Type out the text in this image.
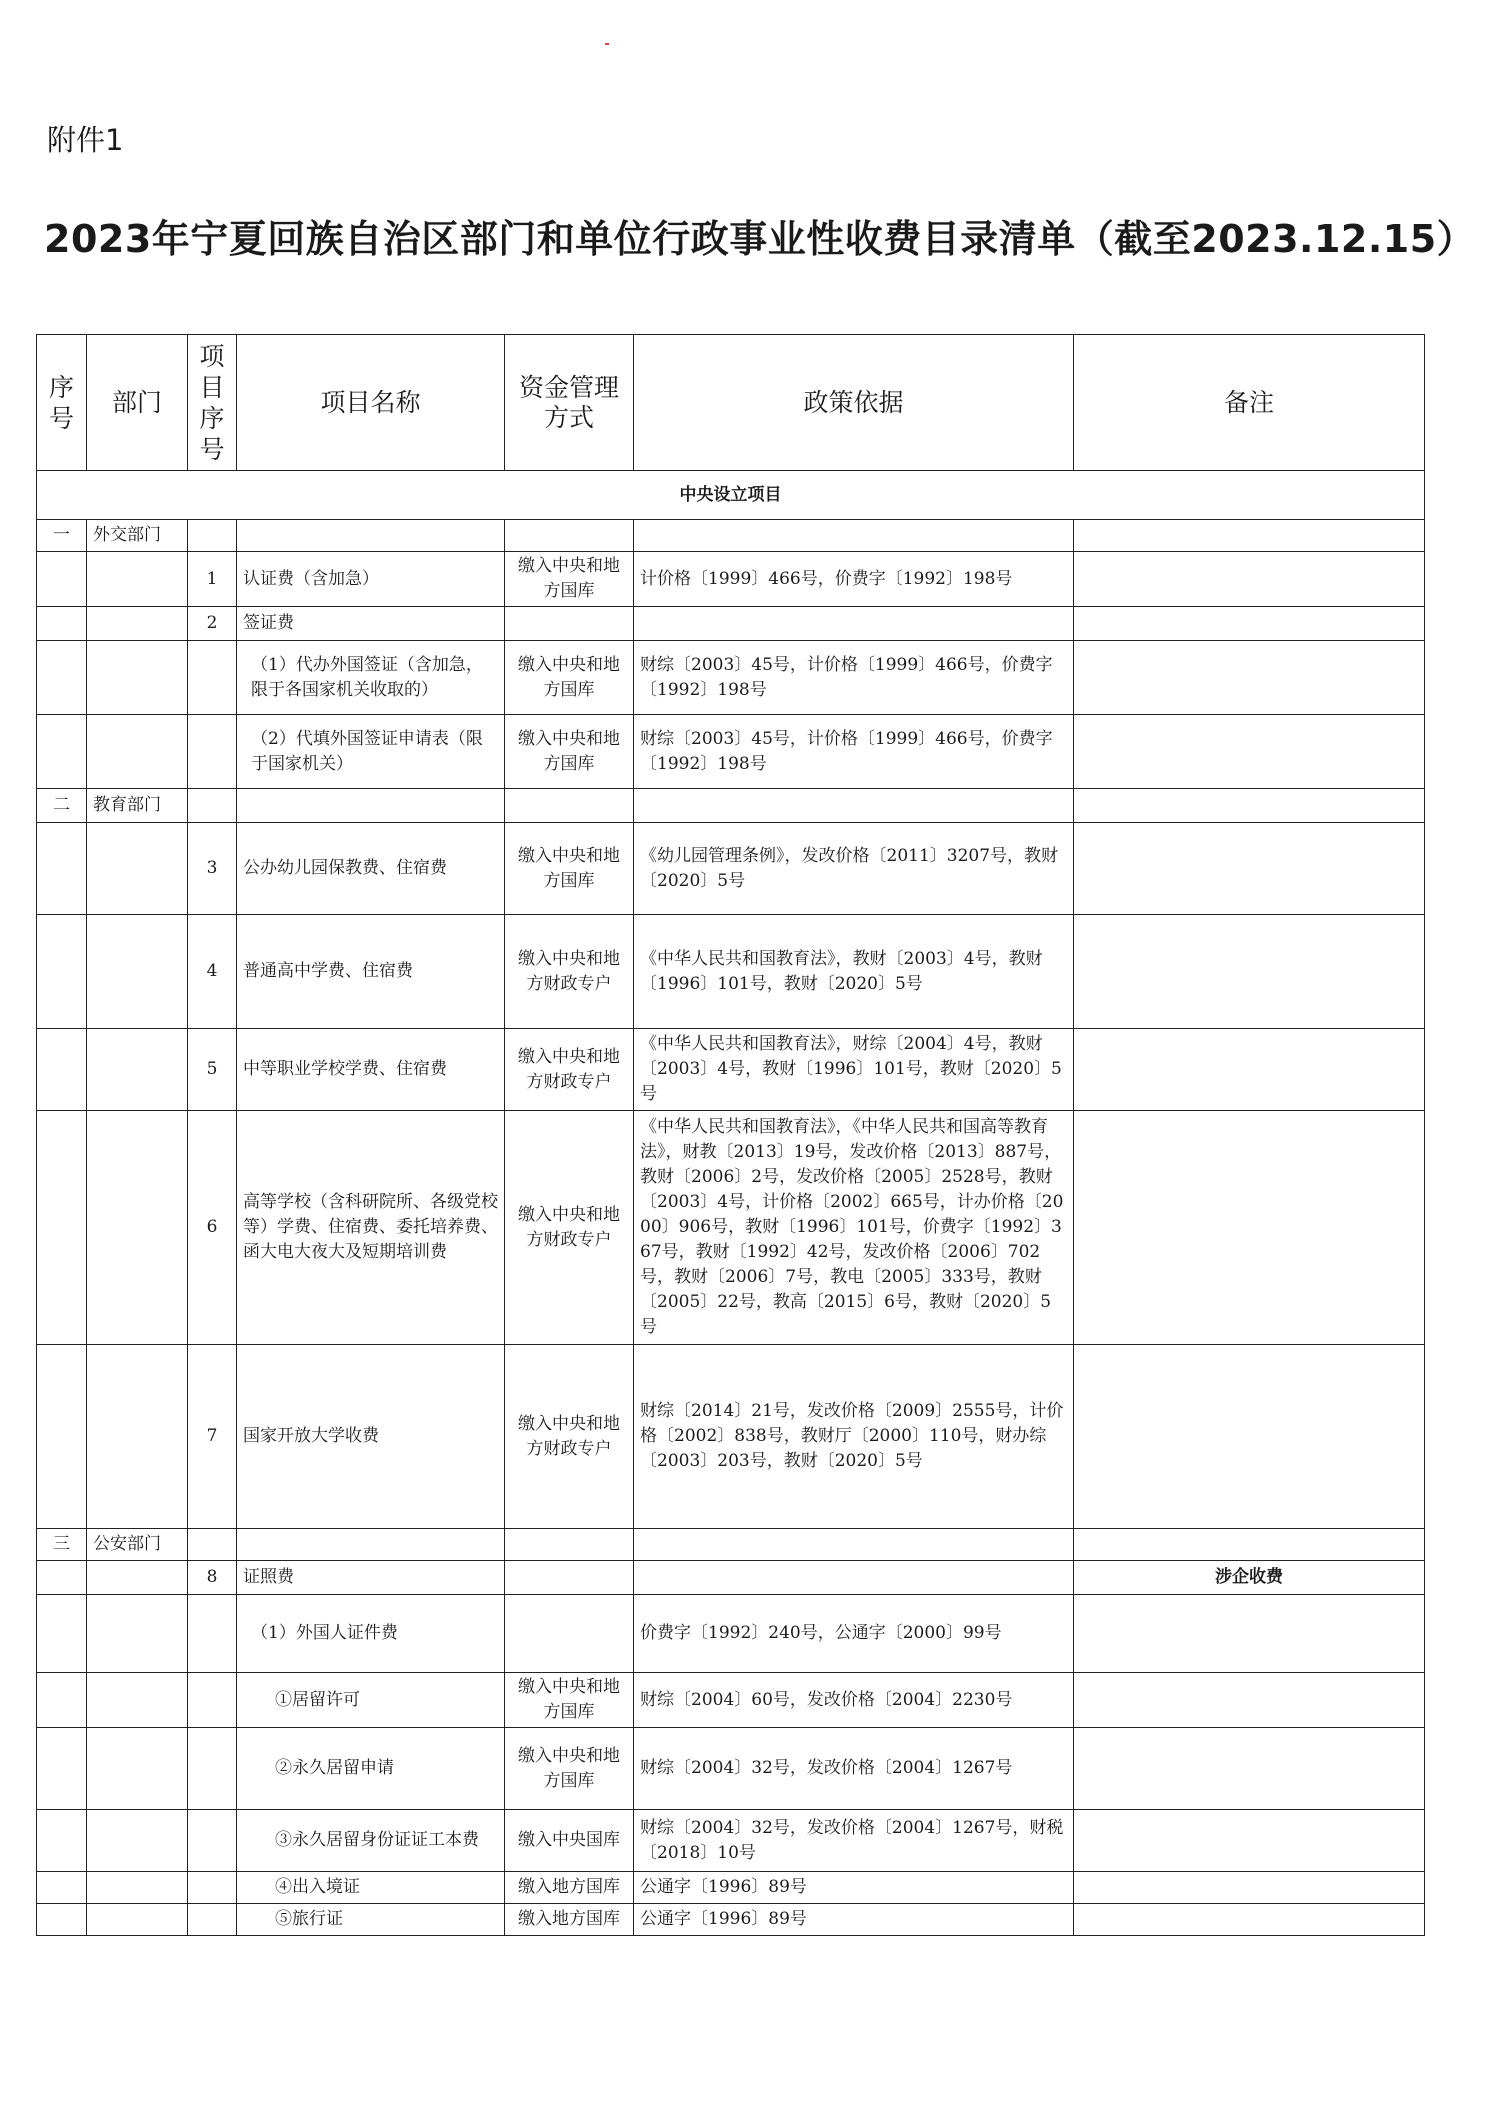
附件1
2023年宁夏回族自治区部门和单位行政事业性收费目录清单（截至2023.12.15）
序号	部门	项目序号	项目名称	资金管理方式	政策依据	备注
中央设立项目						
一	外交部门					
		1	认证费（含加急）	缴入中央和地方国库	计价格〔1999〕466号，价费字〔1992〕198号	
		2	签证费			
			（1）代办外国签证（含加急，限于各国家机关收取的）	缴入中央和地方国库	财综〔2003〕45号，计价格〔1999〕466号，价费字〔1992〕198号	
			（2）代填外国签证申请表（限于国家机关）	缴入中央和地方国库	财综〔2003〕45号，计价格〔1999〕466号，价费字〔1992〕198号	
二	教育部门					
		3	公办幼儿园保教费、住宿费	缴入中央和地方国库	《幼儿园管理条例》，发改价格〔2011〕3207号，教财〔2020〕5号	
		4	普通高中学费、住宿费	缴入中央和地方财政专户	《中华人民共和国教育法》，教财〔2003〕4号，教财〔1996〕101号，教财〔2020〕5号	
		5	中等职业学校学费、住宿费	缴入中央和地方财政专户	《中华人民共和国教育法》，财综〔2004〕4号，教财〔2003〕4号，教财〔1996〕101号，教财〔2020〕5号	
		6	高等学校（含科研院所、各级党校等）学费、住宿费、委托培养费、函大电大夜大及短期培训费	缴入中央和地方财政专户	《中华人民共和国教育法》，《中华人民共和国高等教育法》，财教〔2013〕19号，发改价格〔2013〕887号，教财〔2006〕2号，发改价格〔2005〕2528号，教财〔2003〕4号，计价格〔2002〕665号，计办价格〔2000〕906号，教财〔1996〕101号，价费字〔1992〕367号，教财〔1992〕42号，发改价格〔2006〕702号，教财〔2006〕7号，教电〔2005〕333号，教财〔2005〕22号，教高〔2015〕6号，教财〔2020〕5号	
		7	国家开放大学收费	缴入中央和地方财政专户	财综〔2014〕21号，发改价格〔2009〕2555号，计价格〔2002〕838号，教财厅〔2000〕110号，财办综〔2003〕203号，教财〔2020〕5号	
三	公安部门					
		8	证照费			涉企收费
			（1）外国人证件费		价费字〔1992〕240号，公通字〔2000〕99号	
			①居留许可	缴入中央和地方国库	财综〔2004〕60号，发改价格〔2004〕2230号	
			②永久居留申请	缴入中央和地方国库	财综〔2004〕32号，发改价格〔2004〕1267号	
			③永久居留身份证证工本费	缴入中央国库	财综〔2004〕32号，发改价格〔2004〕1267号，财税〔2018〕10号	
			④出入境证	缴入地方国库	公通字〔1996〕89号	
			⑤旅行证	缴入地方国库	公通字〔1996〕89号	
